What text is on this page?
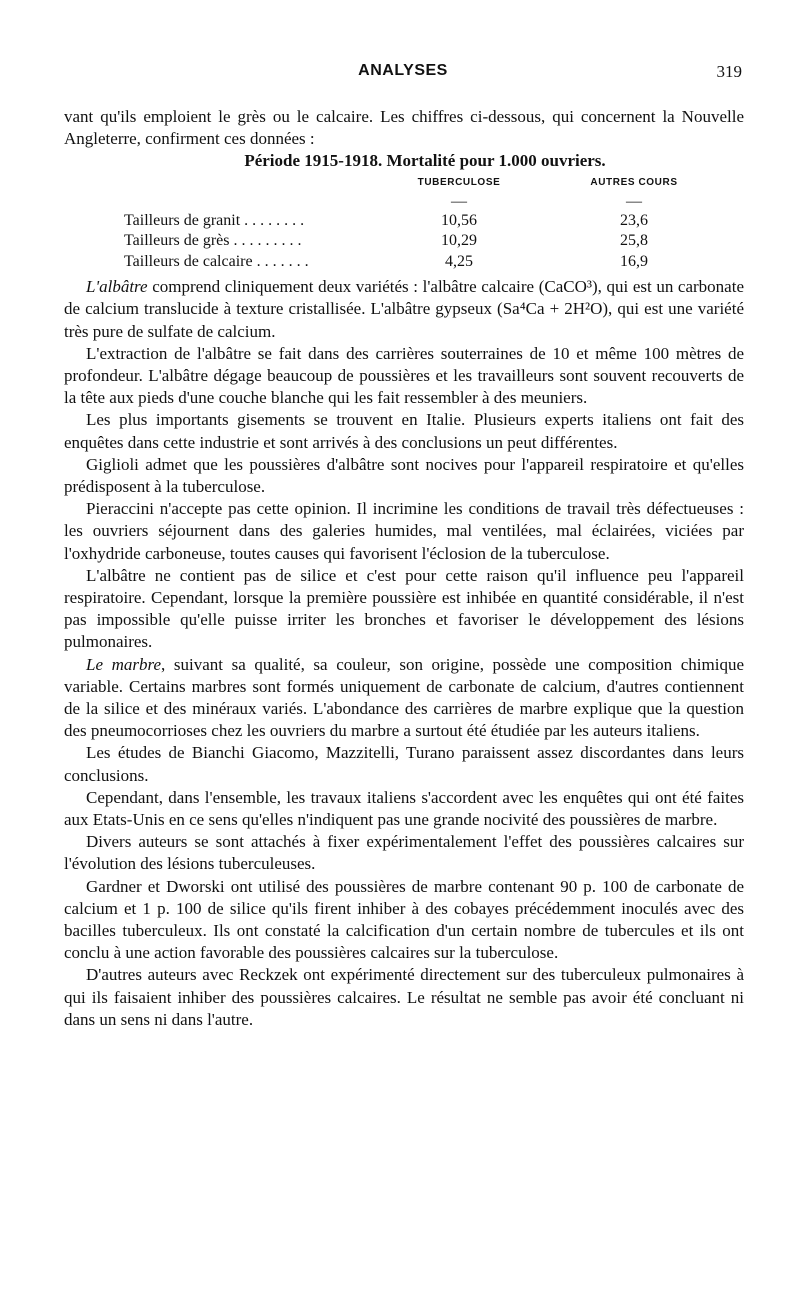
ANALYSES	319

vant qu'ils emploient le grès ou le calcaire. Les chiffres ci-dessous, qui concernent la Nouvelle Angleterre, confirment ces données :

Période 1915-1918. Mortalité pour 1.000 ouvriers.

TUBERCULOSE	AUTRES COURS
—	—
Tailleurs de granit . . . . . . . .	10,56	23,6
Tailleurs de grès . . . . . . . . .	10,29	25,8
Tailleurs de calcaire . . . . . . .	4,25	16,9

L'albâtre comprend cliniquement deux variétés : l'albâtre calcaire (CaCO³), qui est un carbonate de calcium translucide à texture cristallisée. L'albâtre gypseux (Sa⁴Ca + 2H²O), qui est une variété très pure de sulfate de calcium.

L'extraction de l'albâtre se fait dans des carrières souterraines de 10 et même 100 mètres de profondeur. L'albâtre dégage beaucoup de poussières et les travailleurs sont souvent recouverts de la tête aux pieds d'une couche blanche qui les fait ressembler à des meuniers.

Les plus importants gisements se trouvent en Italie. Plusieurs experts italiens ont fait des enquêtes dans cette industrie et sont arrivés à des conclusions un peut différentes.

Giglioli admet que les poussières d'albâtre sont nocives pour l'appareil respiratoire et qu'elles prédisposent à la tuberculose.

Pieraccini n'accepte pas cette opinion. Il incrimine les conditions de travail très défectueuses : les ouvriers séjournent dans des galeries humides, mal ventilées, mal éclairées, viciées par l'oxhydride carboneuse, toutes causes qui favorisent l'éclosion de la tuberculose.

L'albâtre ne contient pas de silice et c'est pour cette raison qu'il influence peu l'appareil respiratoire. Cependant, lorsque la première poussière est inhibée en quantité considérable, il n'est pas impossible qu'elle puisse irriter les bronches et favoriser le développement des lésions pulmonaires.

Le marbre, suivant sa qualité, sa couleur, son origine, possède une composition chimique variable. Certains marbres sont formés uniquement de carbonate de calcium, d'autres contiennent de la silice et des minéraux variés. L'abondance des carrières de marbre explique que la question des pneumocorrioses chez les ouvriers du marbre a surtout été étudiée par les auteurs italiens.

Les études de Bianchi Giacomo, Mazzitelli, Turano paraissent assez discordantes dans leurs conclusions.

Cependant, dans l'ensemble, les travaux italiens s'accordent avec les enquêtes qui ont été faites aux Etats-Unis en ce sens qu'elles n'indiquent pas une grande nocivité des poussières de marbre.

Divers auteurs se sont attachés à fixer expérimentalement l'effet des poussières calcaires sur l'évolution des lésions tuberculeuses.

Gardner et Dworski ont utilisé des poussières de marbre contenant 90 p. 100 de carbonate de calcium et 1 p. 100 de silice qu'ils firent inhiber à des cobayes précédemment inoculés avec des bacilles tuberculeux. Ils ont constaté la calcification d'un certain nombre de tubercules et ils ont conclu à une action favorable des poussières calcaires sur la tuberculose.

D'autres auteurs avec Reckzek ont expérimenté directement sur des tuberculeux pulmonaires à qui ils faisaient inhiber des poussières calcaires. Le résultat ne semble pas avoir été concluant ni dans un sens ni dans l'autre.
